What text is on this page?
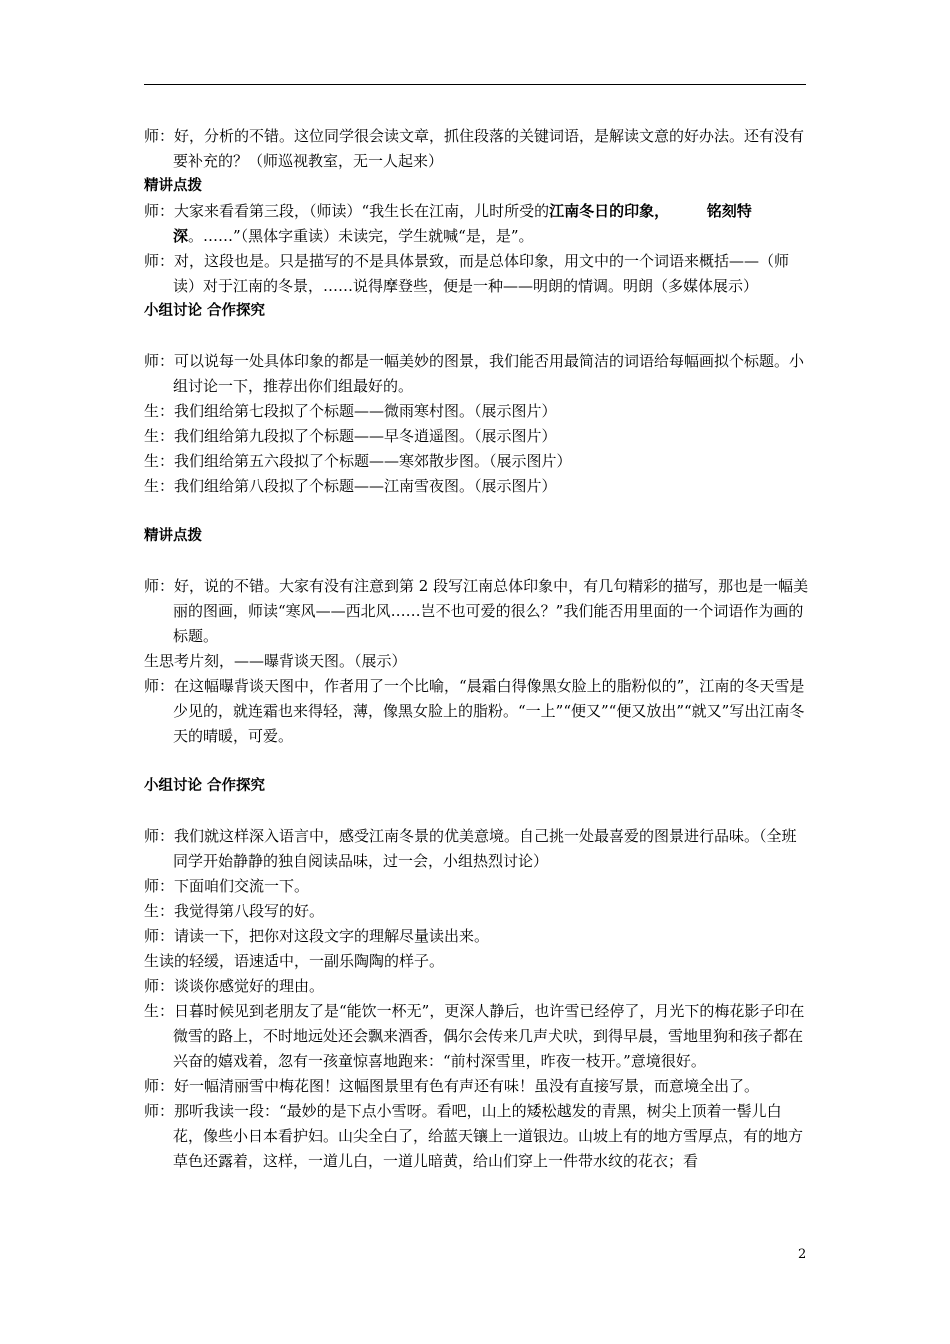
师：好，分析的不错。这位同学很会读文章，抓住段落的关键词语，是解读文意的好办法。还有没有要补充的？（师巡视教室，无一人起来）

精讲点拨

师：大家来看看第三段，（师读）“我生长在江南，儿时所受的江南冬日的印象，　　　	铭刻特深。……”（黑体字重读）未读完，学生就喊“是，是”。

师：对，这段也是。只是描写的不是具体景致，而是总体印象，用文中的一个词语来概括——（师读）对于江南的冬景，……说得摩登些，便是一种——明朗的情调。明朗（多媒体展示）

小组讨论 合作探究

师：可以说每一处具体印象的都是一幅美妙的图景，我们能否用最简洁的词语给每幅画拟个标题。小组讨论一下，推荐出你们组最好的。

生：我们组给第七段拟了个标题——微雨寒村图。（展示图片）

生：我们组给第九段拟了个标题——早冬逍遥图。（展示图片）

生：我们组给第五六段拟了个标题——寒郊散步图。（展示图片）

生：我们组给第八段拟了个标题——江南雪夜图。（展示图片）

精讲点拨

师：好，说的不错。大家有没有注意到第 2 段写江南总体印象中，有几句精彩的描写，那也是一幅美丽的图画，师读“寒风——西北风……岂不也可爱的很么？”我们能否用里面的一个词语作为画的标题。

生思考片刻，——曝背谈天图。（展示）

师：在这幅曝背谈天图中，作者用了一个比喻，“晨霜白得像黑女脸上的脂粉似的”，江南的冬天雪是少见的，就连霜也来得轻，薄，像黑女脸上的脂粉。“一上”“便又”“便又放出”“就又”写出江南冬天的晴暖，可爱。

小组讨论 合作探究

师：我们就这样深入语言中，感受江南冬景的优美意境。自己挑一处最喜爱的图景进行品味。（全班同学开始静静的独自阅读品味，过一会，小组热烈讨论）

师：下面咱们交流一下。

生：我觉得第八段写的好。

师：请读一下，把你对这段文字的理解尽量读出来。

生读的轻缓，语速适中，一副乐陶陶的样子。

师：谈谈你感觉好的理由。

生：日暮时候见到老朋友了是“能饮一杯无”，更深人静后，也许雪已经停了，月光下的梅花影子印在微雪的路上，不时地远处还会飘来酒香，偶尔会传来几声犬吠，到得早晨，雪地里狗和孩子都在兴奋的嬉戏着，忽有一孩童惊喜地跑来：“前村深雪里，昨夜一枝开。”意境很好。

师：好一幅清丽雪中梅花图！这幅图景里有色有声还有味！虽没有直接写景，而意境全出了。

师：那听我读一段：“最妙的是下点小雪呀。看吧，山上的矮松越发的青黑，树尖上顶着一髻儿白花，像些小日本看护妇。山尖全白了，给蓝天镶上一道银边。山坡上有的地方雪厚点，有的地方草色还露着，这样，一道儿白，一道儿暗黄，给山们穿上一件带水纹的花衣；看

2
